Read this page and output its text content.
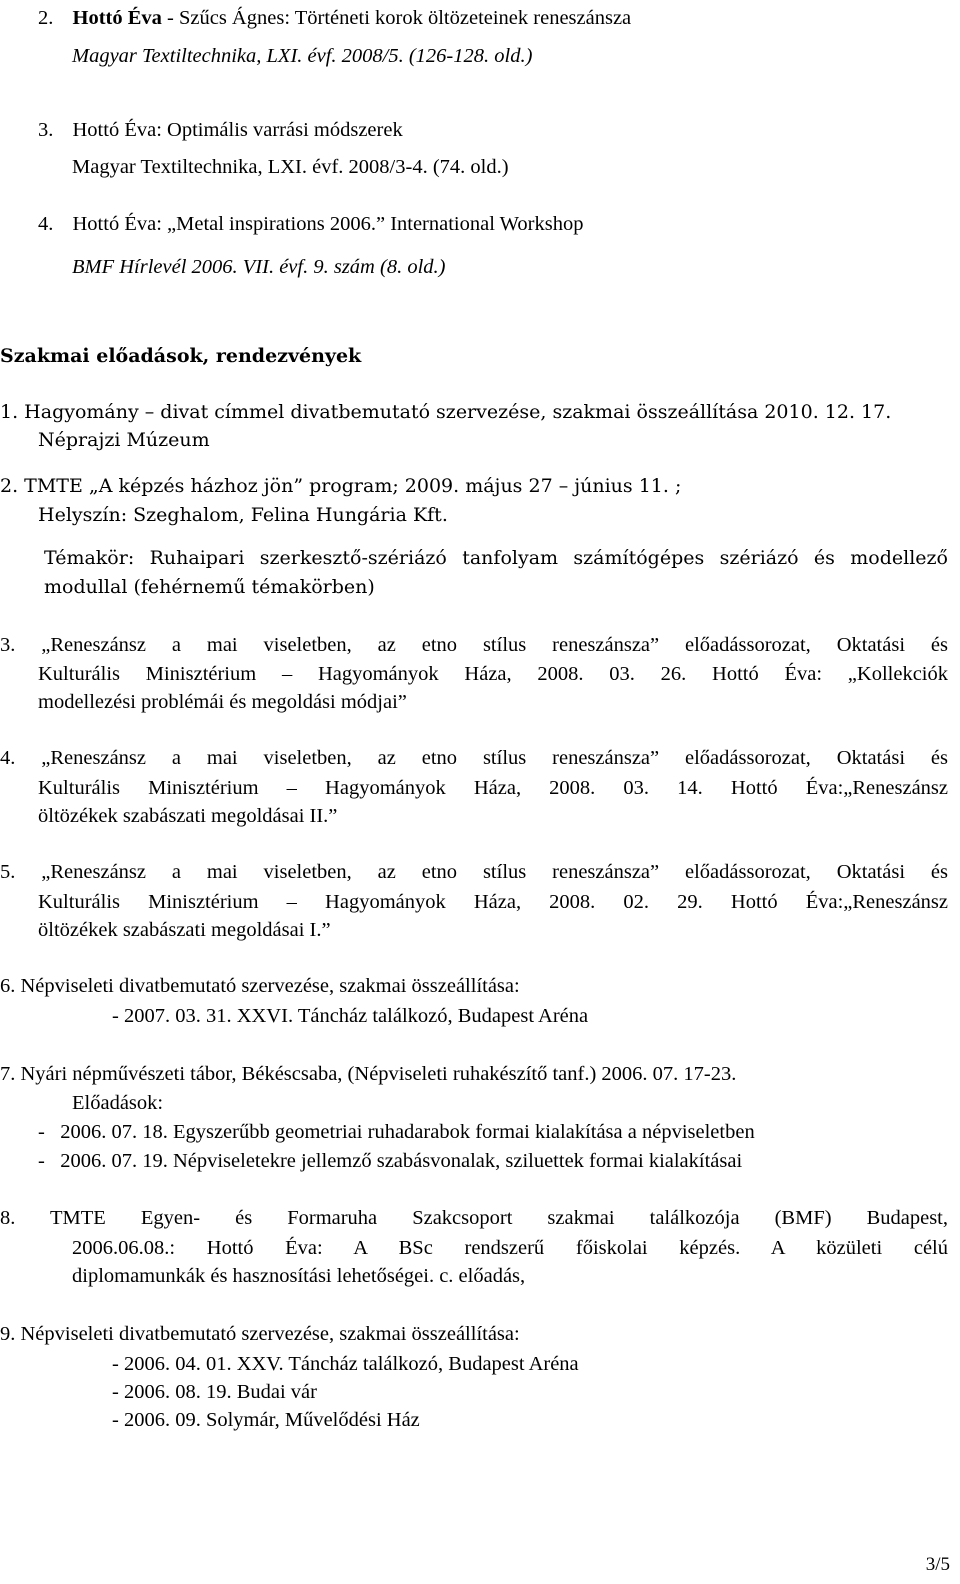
2. Hottó Éva - Szűcs Ágnes: Történeti korok öltözeteinek reneszánsza
Magyar Textiltechnika, LXI. évf. 2008/5. (126-128. old.)
3. Hottó Éva: Optimális varrási módszerek
Magyar Textiltechnika, LXI. évf. 2008/3-4. (74. old.)
4. Hottó Éva: „Metal inspirations 2006.” International Workshop
BMF Hírlevél 2006. VII. évf. 9. szám (8. old.)
Szakmai előadások, rendezvények
1. Hagyomány – divat címmel divatbemutató szervezése, szakmai összeállítása 2010. 12. 17.
Néprajzi Múzeum
2. TMTE „A képzés házhoz jön” program; 2009. május 27 – június 11. ;
Helyszín: Szeghalom, Felina Hungária Kft.
Témakör: Ruhaipari szerkesztő-szériázó tanfolyam számítógépes szériázó és modellező
modullal (fehérnemű témakörben)
3. „Reneszánsz a mai viseletben, az etno stílus reneszánsza” előadássorozat, Oktatási és
Kulturális Minisztérium – Hagyományok Háza, 2008. 03. 26. Hottó Éva: „Kollekciók
modellezési problémái és megoldási módjai”
4. „Reneszánsz a mai viseletben, az etno stílus reneszánsza” előadássorozat, Oktatási és
Kulturális Minisztérium – Hagyományok Háza, 2008. 03. 14. Hottó Éva:„Reneszánsz
öltözékek szabászati megoldásai II.”
5. „Reneszánsz a mai viseletben, az etno stílus reneszánsza” előadássorozat, Oktatási és
Kulturális Minisztérium – Hagyományok Háza, 2008. 02. 29. Hottó Éva:„Reneszánsz
öltözékek szabászati megoldásai I.”
6. Népviseleti divatbemutató szervezése, szakmai összeállítása:
- 2007. 03. 31. XXVI. Táncház találkozó, Budapest Aréna
7. Nyári népművészeti tábor, Békéscsaba, (Népviseleti ruhakészítő tanf.) 2006. 07. 17-23.
Előadások:
-   2006. 07. 18. Egyszerűbb geometriai ruhadarabok formai kialakítása a népviseletben
-   2006. 07. 19. Népviseletekre jellemző szabásvonalak, sziluettek formai kialakításai
8. TMTE Egyen- és Formaruha Szakcsoport szakmai találkozója (BMF) Budapest,
2006.06.08.: Hottó Éva: A BSc rendszerű főiskolai képzés. A közületi célú
diplomamunkák és hasznosítási lehetőségei. c. előadás,
9. Népviseleti divatbemutató szervezése, szakmai összeállítása:
- 2006. 04. 01. XXV. Táncház találkozó, Budapest Aréna
- 2006. 08. 19. Budai vár
- 2006. 09. Solymár, Művelődési Ház
3/5
